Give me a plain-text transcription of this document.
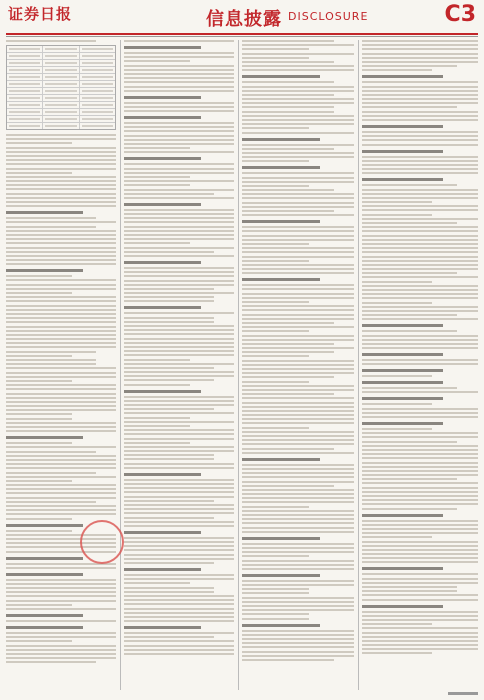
证券日报	信息披露 DISCLOSURE	C3
